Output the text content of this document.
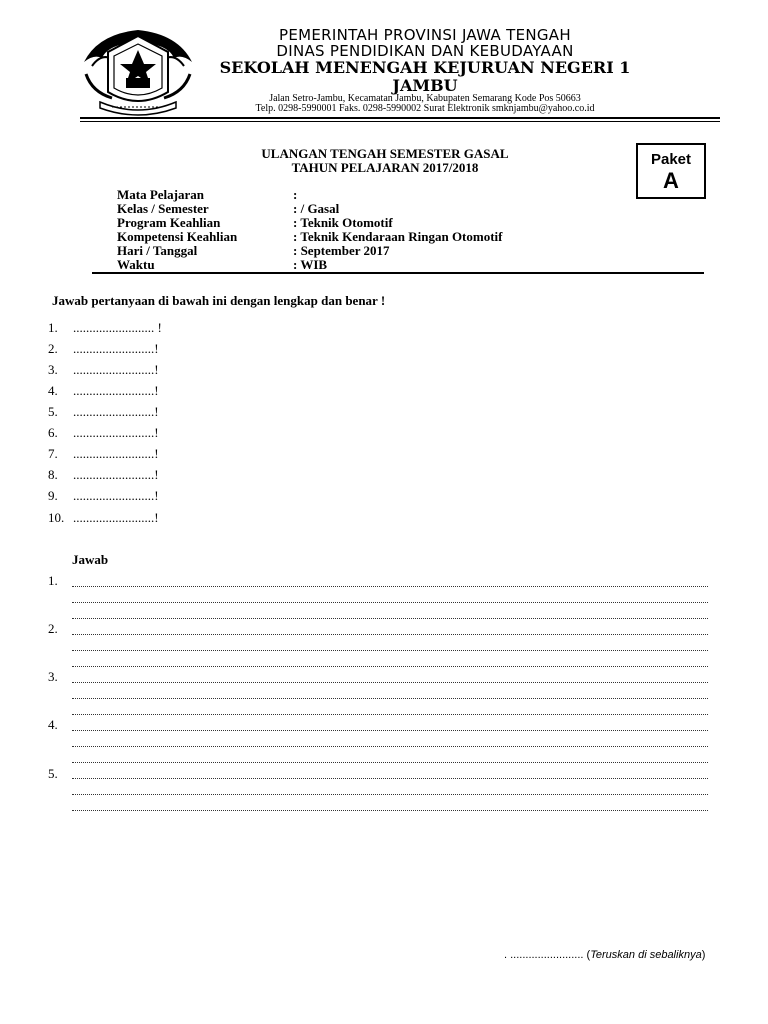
PEMERINTAH PROVINSI JAWA TENGAH
DINAS PENDIDIKAN DAN KEBUDAYAAN
SEKOLAH MENENGAH KEJURUAN NEGERI 1
JAMBU
Jalan Setro-Jambu, Kecamatan Jambu, Kabupaten Semarang Kode Pos 50663
Telp. 0298-5990001 Faks. 0298-5990002 Surat Elektronik smknjambu@yahoo.co.id
ULANGAN TENGAH SEMESTER GASAL
TAHUN PELAJARAN 2017/2018	Paket
A
Mata Pelajaran	:
Kelas / Semester	: / Gasal
Program Keahlian	: Teknik Otomotif
Kompetensi Keahlian	: Teknik Kendaraan Ringan Otomotif
Hari / Tanggal	: September 2017
Waktu	: WIB
Jawab pertanyaan di bawah ini dengan lengkap dan benar !
1. ......................... !
2. .........................!
3. .........................!
4. .........................!
5. .........................!
6. .........................!
7. .........................!
8. .........................!
9. .........................!
10. .........................!
Jawab
1.
2.
3.
4.
5.
. ........................ (Teruskan di sebaliknya)
